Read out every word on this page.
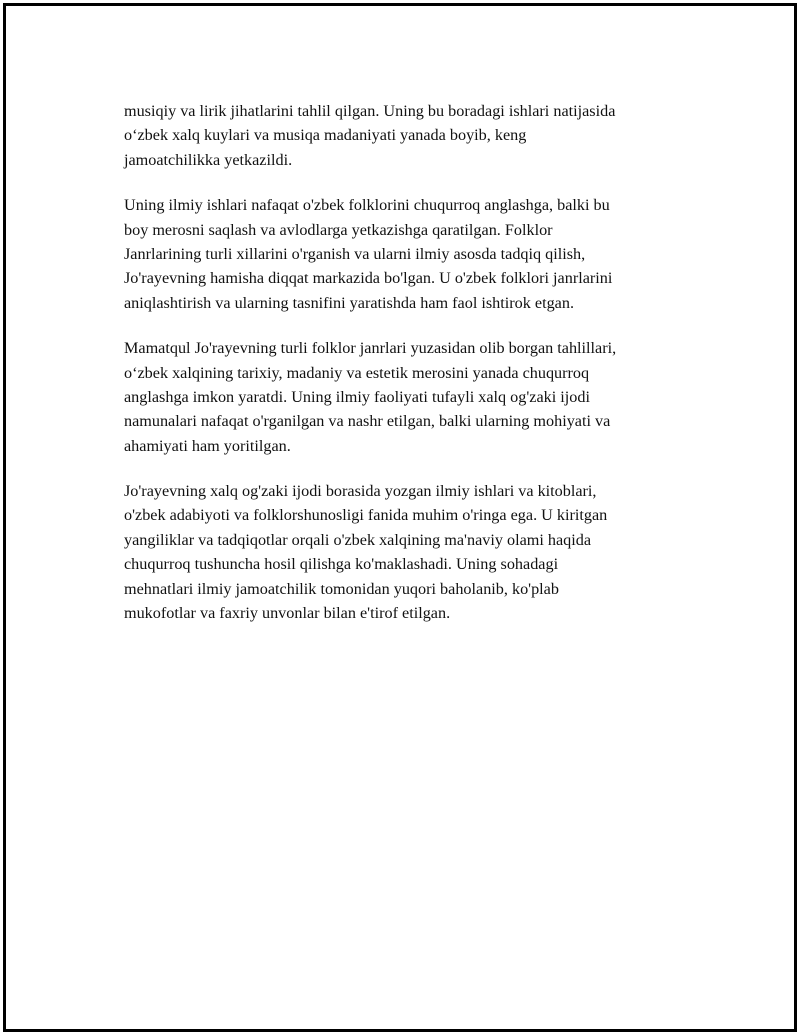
musiqiy va lirik jihatlarini tahlil qilgan. Uning bu boradagi ishlari natijasida
o‘zbek xalq kuylari va musiqa madaniyati yanada boyib, keng
jamoatchilikka yetkazildi.

Uning ilmiy ishlari nafaqat o'zbek folklorini chuqurroq anglashga, balki bu
boy merosni saqlash va avlodlarga yetkazishga qaratilgan. Folklor
Janrlarining turli xillarini o'rganish va ularni ilmiy asosda tadqiq qilish,
Jo'rayevning hamisha diqqat markazida bo'lgan. U o'zbek folklori janrlarini
aniqlashtirish va ularning tasnifini yaratishda ham faol ishtirok etgan.

Mamatqul Jo'rayevning turli folklor janrlari yuzasidan olib borgan tahlillari,
o‘zbek xalqining tarixiy, madaniy va estetik merosini yanada chuqurroq
anglashga imkon yaratdi. Uning ilmiy faoliyati tufayli xalq og'zaki ijodi
namunalari nafaqat o'rganilgan va nashr etilgan, balki ularning mohiyati va
ahamiyati ham yoritilgan.

Jo'rayevning xalq og'zaki ijodi borasida yozgan ilmiy ishlari va kitoblari,
o'zbek adabiyoti va folklorshunosligi fanida muhim o'ringa ega. U kiritgan
yangiliklar va tadqiqotlar orqali o'zbek xalqining ma'naviy olami haqida
chuqurroq tushuncha hosil qilishga ko'maklashadi. Uning sohadagi
mehnatlari ilmiy jamoatchilik tomonidan yuqori baholanib, ko'plab
mukofotlar va faxriy unvonlar bilan e'tirof etilgan.
